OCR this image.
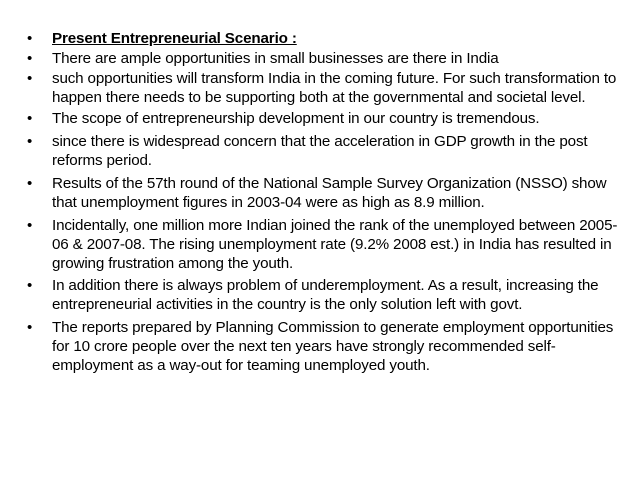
• Present Entrepreneurial Scenario :
• There are ample opportunities in small businesses are there in India
• such opportunities will transform India in the coming future. For such transformation to happen there needs to be supporting both at the governmental and societal level.
• The scope of entrepreneurship development in our country is tremendous.
• since there is widespread concern that the acceleration in GDP growth in the post reforms period.
• Results of the 57th round of the National Sample Survey Organization (NSSO) show that unemployment figures in 2003-04 were as high as 8.9 million.
• Incidentally, one million more Indian joined the rank of the unemployed between 2005-06 & 2007-08. The rising unemployment rate (9.2% 2008 est.) in India has resulted in growing frustration among the youth.
• In addition there is always problem of underemployment. As a result, increasing the entrepreneurial activities in the country is the only solution left with govt.
• The reports prepared by Planning Commission to generate employment opportunities for 10 crore people over the next ten years have strongly recommended self-employment as a way-out for teaming unemployed youth.
